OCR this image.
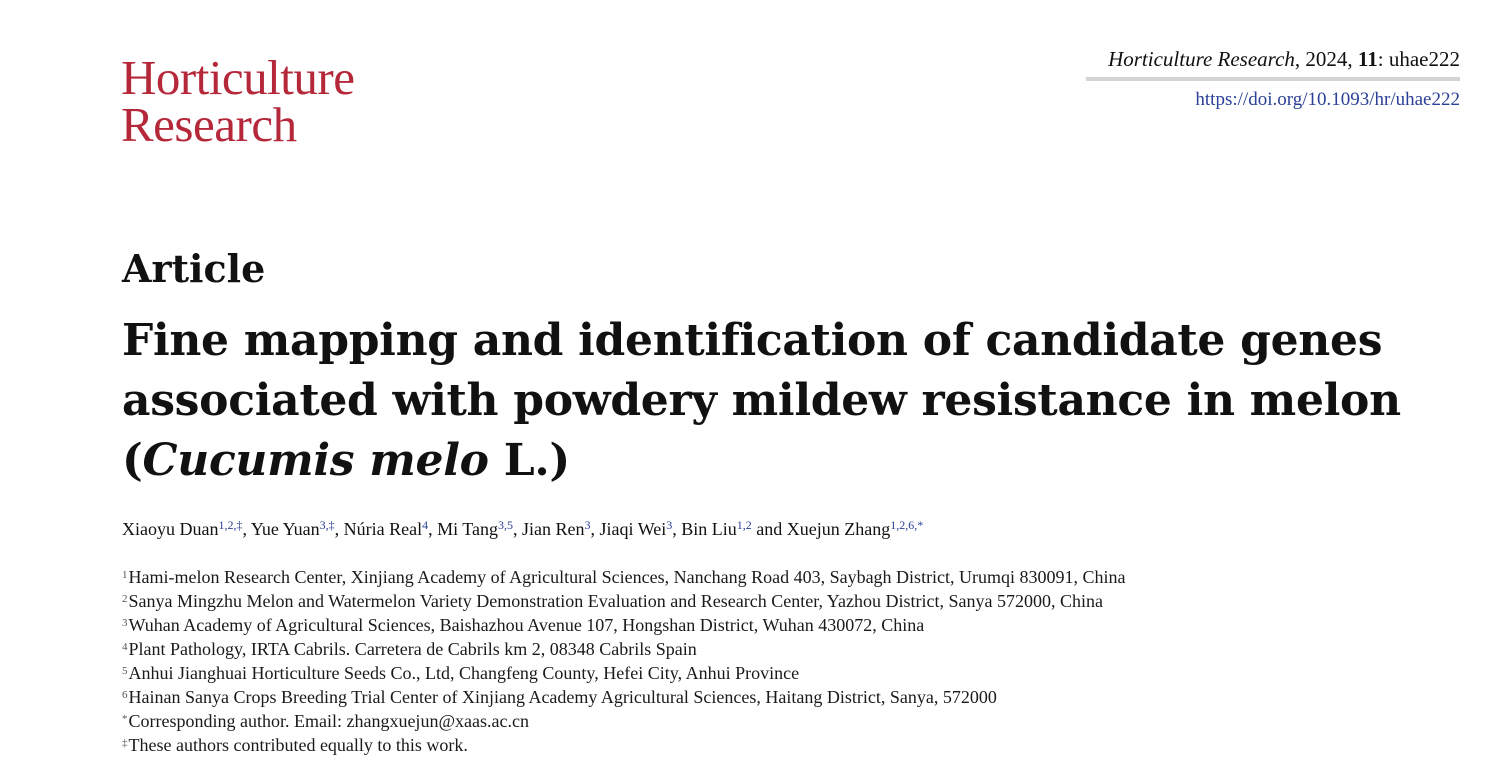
Horticulture
Research
Horticulture Research, 2024, 11: uhae222
https://doi.org/10.1093/hr/uhae222
Article
Fine mapping and identification of candidate genes
associated with powdery mildew resistance in melon
(Cucumis melo L.)
Xiaoyu Duan$^{1,2,\ddagger}$, Yue Yuan$^{3,\ddagger}$, Núria Real$^4$, Mi Tang$^{3,5}$, Jian Ren$^3$, Jiaqi Wei$^3$, Bin Liu$^{1,2}$ and Xuejun Zhang$^{1,2,6,*}$
$^1$Hami-melon Research Center, Xinjiang Academy of Agricultural Sciences, Nanchang Road 403, Saybagh District, Urumqi 830091, China
$^2$Sanya Mingzhu Melon and Watermelon Variety Demonstration Evaluation and Research Center, Yazhou District, Sanya 572000, China
$^3$Wuhan Academy of Agricultural Sciences, Baishazhou Avenue 107, Hongshan District, Wuhan 430072, China
$^4$Plant Pathology, IRTA Cabrils. Carretera de Cabrils km 2, 08348 Cabrils Spain
$^5$Anhui Jianghuai Horticulture Seeds Co., Ltd, Changfeng County, Hefei City, Anhui Province
$^6$Hainan Sanya Crops Breeding Trial Center of Xinjiang Academy Agricultural Sciences, Haitang District, Sanya, 572000
*Corresponding author. Email: zhangxuejun@xaas.ac.cn
‡These authors contributed equally to this work.
